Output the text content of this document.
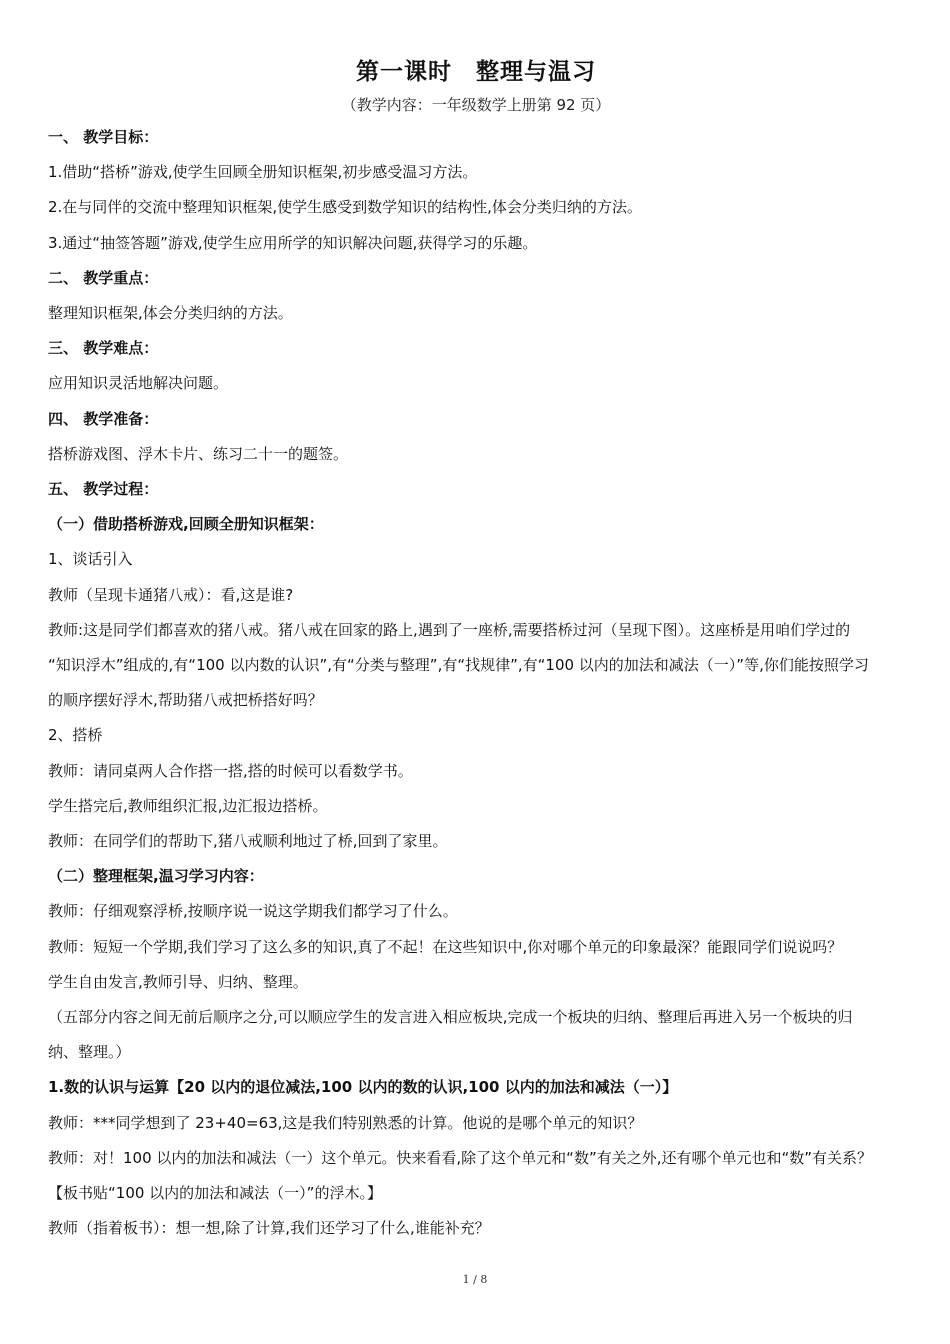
第一课时　整理与温习
（教学内容：一年级数学上册第 92 页）
一、 教学目标：
1.借助“搭桥”游戏,使学生回顾全册知识框架,初步感受温习方法。
2.在与同伴的交流中整理知识框架,使学生感受到数学知识的结构性,体会分类归纳的方法。
3.通过“抽签答题”游戏,使学生应用所学的知识解决问题,获得学习的乐趣。
二、 教学重点：
整理知识框架,体会分类归纳的方法。
三、 教学难点：
应用知识灵活地解决问题。
四、 教学准备：
搭桥游戏图、浮木卡片、练习二十一的题签。
五、 教学过程：
（一）借助搭桥游戏,回顾全册知识框架：
1、谈话引入
教师（呈现卡通猪八戒）：看,这是谁?
教师:这是同学们都喜欢的猪八戒。猪八戒在回家的路上,遇到了一座桥,需要搭桥过河（呈现下图）。这座桥是用咱们学过的
“知识浮木”组成的,有“100 以内数的认识”,有“分类与整理”,有“找规律”,有“100 以内的加法和减法（一）”等,你们能按照学习
的顺序摆好浮木,帮助猪八戒把桥搭好吗？
2、搭桥
教师：请同桌两人合作搭一搭,搭的时候可以看数学书。
学生搭完后,教师组织汇报,边汇报边搭桥。
教师：在同学们的帮助下,猪八戒顺利地过了桥,回到了家里。
（二）整理框架,温习学习内容：
教师：仔细观察浮桥,按顺序说一说这学期我们都学习了什么。
教师：短短一个学期,我们学习了这么多的知识,真了不起！在这些知识中,你对哪个单元的印象最深？能跟同学们说说吗？
学生自由发言,教师引导、归纳、整理。
（五部分内容之间无前后顺序之分,可以顺应学生的发言进入相应板块,完成一个板块的归纳、整理后再进入另一个板块的归
纳、整理。）
1.数的认识与运算【20 以内的退位减法,100 以内的数的认识,100 以内的加法和减法（一）】
教师：***同学想到了 23+40=63,这是我们特别熟悉的计算。他说的是哪个单元的知识？
教师：对！100 以内的加法和减法（一）这个单元。快来看看,除了这个单元和“数”有关之外,还有哪个单元也和“数”有关系？
【板书贴“100 以内的加法和减法（一）”的浮木。】
教师（指着板书）：想一想,除了计算,我们还学习了什么,谁能补充？
1 / 8
